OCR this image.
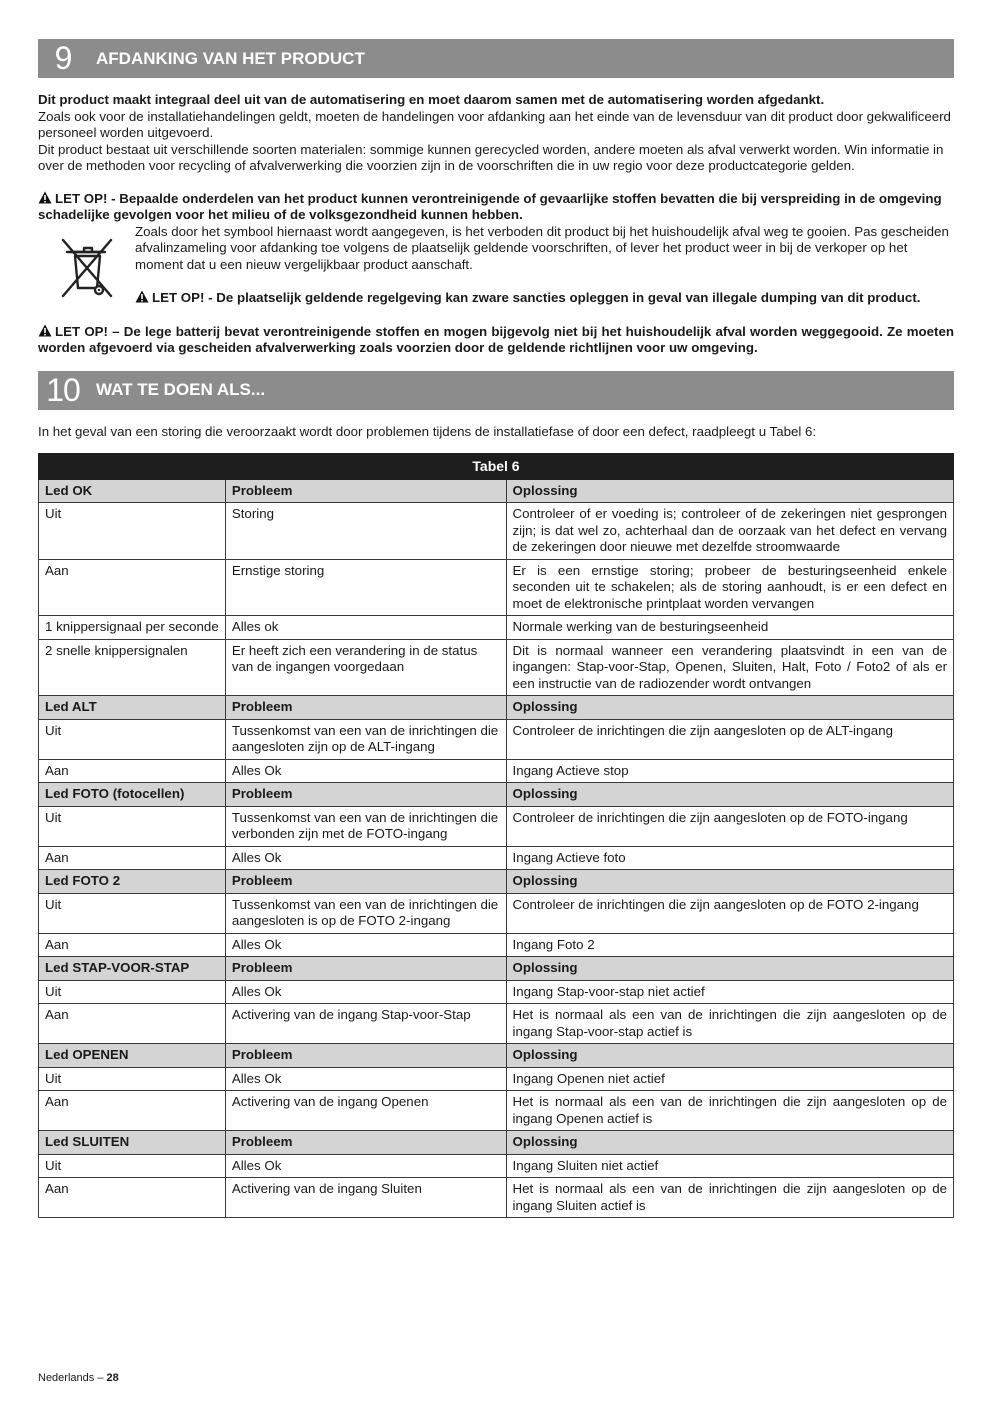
9	AFDANKING VAN HET PRODUCT

Dit product maakt integraal deel uit van de automatisering en moet daarom samen met de automatisering worden afgedankt.

Zoals ook voor de installatiehandelingen geldt, moeten de handelingen voor afdanking aan het einde van de levensduur van dit product door gekwalificeerd personeel worden uitgevoerd.

Dit product bestaat uit verschillende soorten materialen: sommige kunnen gerecycled worden, andere moeten als afval verwerkt worden. Win informatie in over de methoden voor recycling of afvalverwerking die voorzien zijn in de voorschriften die in uw regio voor deze productcategorie gelden.

LET OP! - Bepaalde onderdelen van het product kunnen verontreinigende of gevaarlijke stoffen bevatten die bij verspreiding in de omgeving schadelijke gevolgen voor het milieu of de volksgezondheid kunnen hebben.

Zoals door het symbool hiernaast wordt aangegeven, is het verboden dit product bij het huishoudelijk afval weg te gooien. Pas gescheiden afvalinzameling voor afdanking toe volgens de plaatselijk geldende voorschriften, of lever het product weer in bij de verkoper op het moment dat u een nieuw vergelijkbaar product aanschaft.

LET OP! - De plaatselijk geldende regelgeving kan zware sancties opleggen in geval van illegale dumping van dit product.

LET OP! – De lege batterij bevat verontreinigende stoffen en mogen bijgevolg niet bij het huishoudelijk afval worden weggegooid. Ze moeten worden afgevoerd via gescheiden afvalverwerking zoals voorzien door de geldende richtlijnen voor uw omgeving.

10 WAT TE DOEN ALS...

In het geval van een storing die veroorzaakt wordt door problemen tijdens de installatiefase of door een defect, raadpleegt u Tabel 6:

Tabel 6		
Led OK	Probleem	Oplossing
Uit	Storing	Controleer of er voeding is; controleer of de zekeringen niet gesprongen zijn; is dat wel zo, achterhaal dan de oorzaak van het defect en vervang de zekeringen door nieuwe met dezelfde stroomwaarde
Aan	Ernstige storing	Er is een ernstige storing; probeer de besturingseenheid enkele seconden uit te schakelen; als de storing aanhoudt, is er een defect en moet de elektronische printplaat worden vervangen
1 knippersignaal per seconde	Alles ok	Normale werking van de besturingseenheid
2 snelle knippersignalen	Er heeft zich een verandering in de status van de ingangen voorgedaan	Dit is normaal wanneer een verandering plaatsvindt in een van de ingangen: Stap-voor-Stap, Openen, Sluiten, Halt, Foto / Foto2 of als er een instructie van de radiozender wordt ontvangen
Led ALT	Probleem	Oplossing
Uit	Tussenkomst van een van de inrichtingen die aangesloten zijn op de ALT-ingang	Controleer de inrichtingen die zijn aangesloten op de ALT-ingang
Aan	Alles Ok	Ingang Actieve stop
Led FOTO (fotocellen)	Probleem	Oplossing
Uit	Tussenkomst van een van de inrichtingen die verbonden zijn met de FOTO-ingang	Controleer de inrichtingen die zijn aangesloten op de FOTO-ingang
Aan	Alles Ok	Ingang Actieve foto
Led FOTO 2	Probleem	Oplossing
Uit	Tussenkomst van een van de inrichtingen die aangesloten is op de FOTO 2-ingang	Controleer de inrichtingen die zijn aangesloten op de FOTO 2-ingang
Aan	Alles Ok	Ingang Foto 2
Led STAP-VOOR-STAP	Probleem	Oplossing
Uit	Alles Ok	Ingang Stap-voor-stap niet actief
Aan	Activering van de ingang Stap-voor-Stap	Het is normaal als een van de inrichtingen die zijn aangesloten op de ingang Stap-voor-stap actief is
Led OPENEN	Probleem	Oplossing
Uit	Alles Ok	Ingang Openen niet actief
Aan	Activering van de ingang Openen	Het is normaal als een van de inrichtingen die zijn aangesloten op de ingang Openen actief is
Led SLUITEN	Probleem	Oplossing
Uit	Alles Ok	Ingang Sluiten niet actief
Aan	Activering van de ingang Sluiten	Het is normaal als een van de inrichtingen die zijn aangesloten op de ingang Sluiten actief is
Nederlands – 28
